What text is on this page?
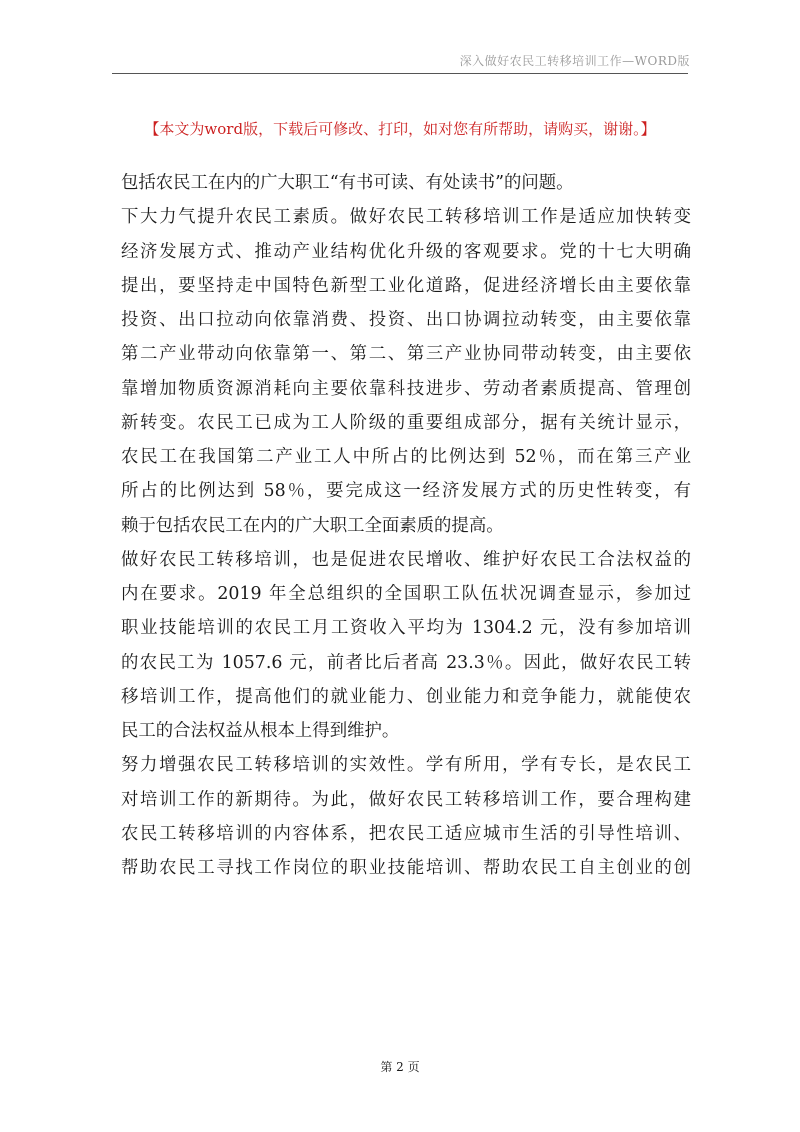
深入做好农民工转移培训工作—WORD版
【本文为word版，下载后可修改、打印，如对您有所帮助，请购买，谢谢。】
包括农民工在内的广大职工“有书可读、有处读书”的问题。
下大力气提升农民工素质。做好农民工转移培训工作是适应加快转变
经济发展方式、推动产业结构优化升级的客观要求。党的十七大明确
提出，要坚持走中国特色新型工业化道路，促进经济增长由主要依靠
投资、出口拉动向依靠消费、投资、出口协调拉动转变，由主要依靠
第二产业带动向依靠第一、第二、第三产业协同带动转变，由主要依
靠增加物质资源消耗向主要依靠科技进步、劳动者素质提高、管理创
新转变。农民工已成为工人阶级的重要组成部分，据有关统计显示，
农民工在我国第二产业工人中所占的比例达到 52％，而在第三产业
所占的比例达到 58％，要完成这一经济发展方式的历史性转变，有
赖于包括农民工在内的广大职工全面素质的提高。
做好农民工转移培训，也是促进农民增收、维护好农民工合法权益的
内在要求。2019 年全总组织的全国职工队伍状况调查显示，参加过
职业技能培训的农民工月工资收入平均为 1304.2 元，没有参加培训
的农民工为 1057.6 元，前者比后者高 23.3％。因此，做好农民工转
移培训工作，提高他们的就业能力、创业能力和竞争能力，就能使农
民工的合法权益从根本上得到维护。
努力增强农民工转移培训的实效性。学有所用，学有专长，是农民工
对培训工作的新期待。为此，做好农民工转移培训工作，要合理构建
农民工转移培训的内容体系，把农民工适应城市生活的引导性培训、
帮助农民工寻找工作岗位的职业技能培训、帮助农民工自主创业的创
第 2 页
